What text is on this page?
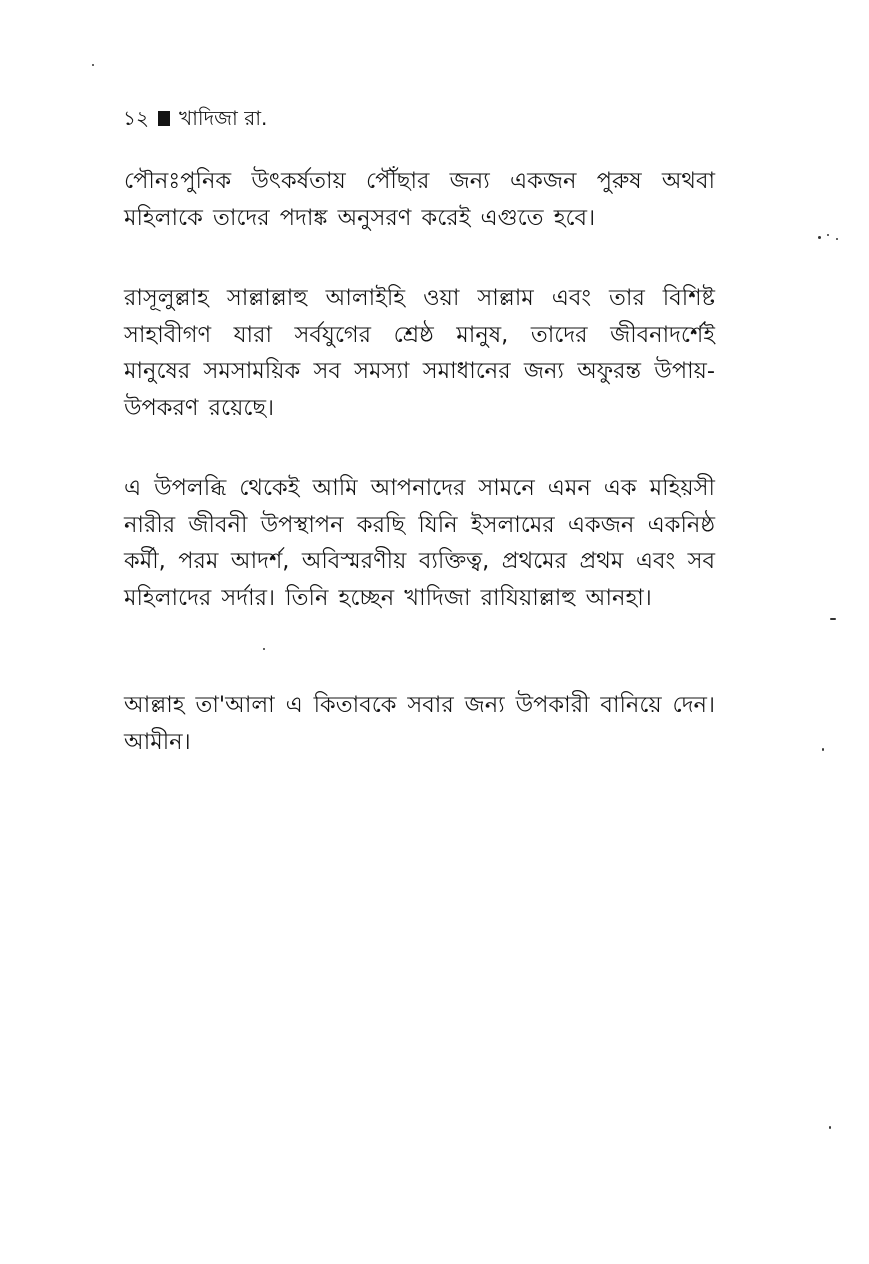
১২ খাদিজা রা.
পৌনঃপুনিক উৎকর্ষতায় পৌঁছার জন্য একজন পুরুষ অথবা মহিলাকে তাদের পদাঙ্ক অনুসরণ করেই এগুতে হবে।
রাসূলুল্লাহ সাল্লাল্লাহু আলাইহি ওয়া সাল্লাম এবং তার বিশিষ্ট সাহাবীগণ যারা সর্বযুগের শ্রেষ্ঠ মানুষ, তাদের জীবনাদর্শেই মানুষের সমসাময়িক সব সমস্যা সমাধানের জন্য অফুরন্ত উপায়-উপকরণ রয়েছে।
এ উপলব্ধি থেকেই আমি আপনাদের সামনে এমন এক মহিয়সী নারীর জীবনী উপস্থাপন করছি যিনি ইসলামের একজন একনিষ্ঠ কর্মী, পরম আদর্শ, অবিস্মরণীয় ব্যক্তিত্ব, প্রথমের প্রথম এবং সব মহিলাদের সর্দার। তিনি হচ্ছেন খাদিজা রাযিয়াল্লাহু আনহা।
আল্লাহ তা'আলা এ কিতাবকে সবার জন্য উপকারী বানিয়ে দেন। আমীন।
